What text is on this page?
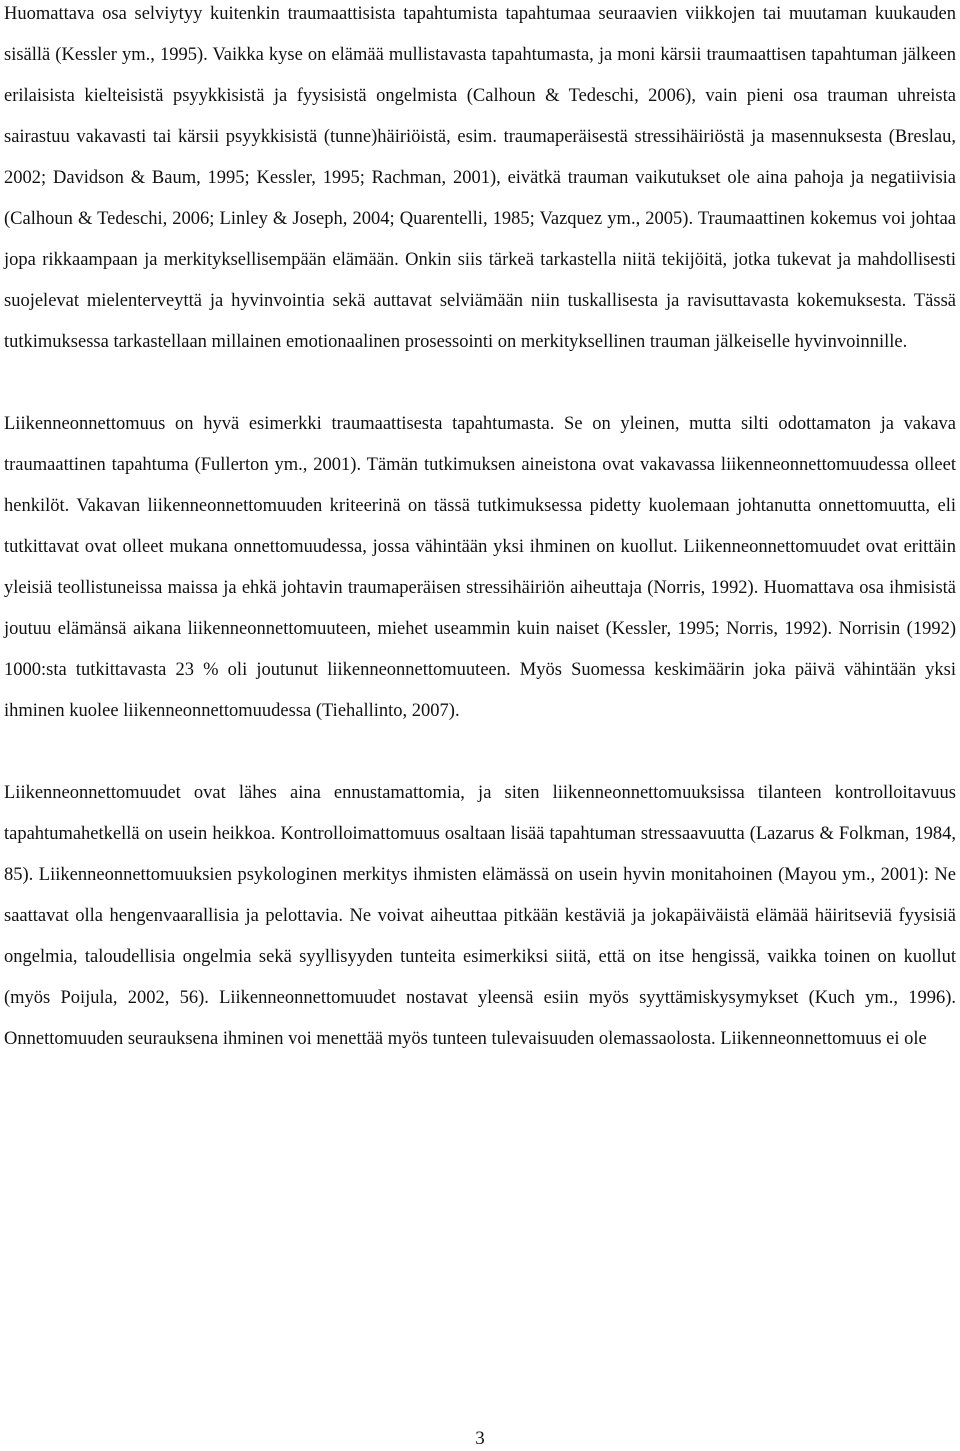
Huomattava osa selviytyy kuitenkin traumaattisista tapahtumista tapahtumaa seuraavien viikkojen tai muutaman kuukauden sisällä (Kessler ym., 1995). Vaikka kyse on elämää mullistavasta tapahtumasta, ja moni kärsii traumaattisen tapahtuman jälkeen erilaisista kielteisistä psyykkisistä ja fyysisistä ongelmista (Calhoun & Tedeschi, 2006), vain pieni osa trauman uhreista sairastuu vakavasti tai kärsii psyykkisistä (tunne)häiriöistä, esim. traumaperäisestä stressihäiriöstä ja masennuksesta (Breslau, 2002; Davidson & Baum, 1995; Kessler, 1995; Rachman, 2001), eivätkä trauman vaikutukset ole aina pahoja ja negatiivisia (Calhoun & Tedeschi, 2006; Linley & Joseph, 2004; Quarentelli, 1985; Vazquez ym., 2005). Traumaattinen kokemus voi johtaa jopa rikkaampaan ja merkityksellisempään elämään. Onkin siis tärkeä tarkastella niitä tekijöitä, jotka tukevat ja mahdollisesti suojelevat mielenterveyttä ja hyvinvointia sekä auttavat selviämään niin tuskallisesta ja ravisuttavasta kokemuksesta. Tässä tutkimuksessa tarkastellaan millainen emotionaalinen prosessointi on merkityksellinen trauman jälkeiselle hyvinvoinnille.

Liikenneonnettomuus on hyvä esimerkki traumaattisesta tapahtumasta. Se on yleinen, mutta silti odottamaton ja vakava traumaattinen tapahtuma (Fullerton ym., 2001). Tämän tutkimuksen aineistona ovat vakavassa liikenneonnettomuudessa olleet henkilöt. Vakavan liikenneonnettomuuden kriteerinä on tässä tutkimuksessa pidetty kuolemaan johtanutta onnettomuutta, eli tutkittavat ovat olleet mukana onnettomuudessa, jossa vähintään yksi ihminen on kuollut. Liikenneonnettomuudet ovat erittäin yleisiä teollistuneissa maissa ja ehkä johtavin traumaperäisen stressihäiriön aiheuttaja (Norris, 1992). Huomattava osa ihmisistä joutuu elämänsä aikana liikenneonnettomuuteen, miehet useammin kuin naiset (Kessler, 1995; Norris, 1992). Norrisin (1992) 1000:sta tutkittavasta 23 % oli joutunut liikenneonnettomuuteen. Myös Suomessa keskimäärin joka päivä vähintään yksi ihminen kuolee liikenneonnettomuudessa (Tiehallinto, 2007).

Liikenneonnettomuudet ovat lähes aina ennustamattomia, ja siten liikenneonnettomuuksissa tilanteen kontrolloitavuus tapahtumahetkellä on usein heikkoa. Kontrolloimattomuus osaltaan lisää tapahtuman stressaavuutta (Lazarus & Folkman, 1984, 85). Liikenneonnettomuuksien psykologinen merkitys ihmisten elämässä on usein hyvin monitahoinen (Mayou ym., 2001): Ne saattavat olla hengenvaarallisia ja pelottavia. Ne voivat aiheuttaa pitkään kestäviä ja jokapäiväistä elämää häiritseviä fyysisiä ongelmia, taloudellisia ongelmia sekä syyllisyyden tunteita esimerkiksi siitä, että on itse hengissä, vaikka toinen on kuollut (myös Poijula, 2002, 56). Liikenneonnettomuudet nostavat yleensä esiin myös syyttämiskysymykset (Kuch ym., 1996). Onnettomuuden seurauksena ihminen voi menettää myös tunteen tulevaisuuden olemassaolosta. Liikenneonnettomuus ei ole

3
